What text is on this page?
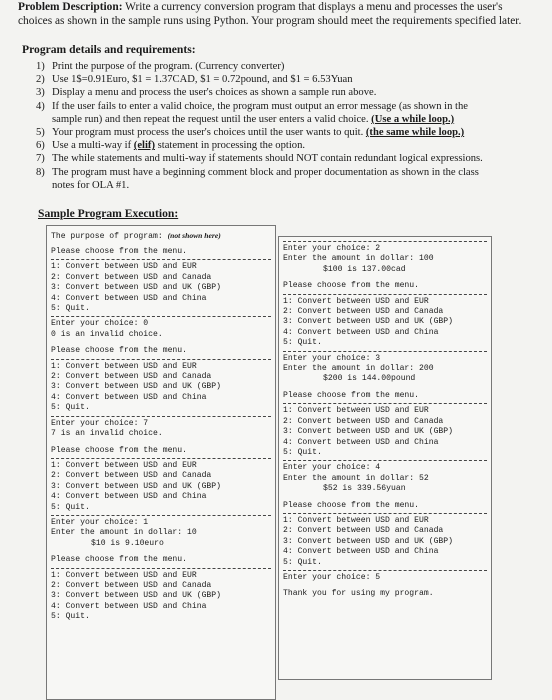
Problem Description: Write a currency conversion program that displays a menu and processes the user's
choices as shown in the sample runs using Python. Your program should meet the requirements specified later.
Program details and requirements:
1) Print the purpose of the program. (Currency converter)
2) Use 1$=0.91Euro, $1 = 1.37CAD, $1 = 0.72pound, and $1 = 6.53Yuan
3) Display a menu and process the user's choices as shown a sample run above.
4) If the user fails to enter a valid choice, the program must output an error message (as shown in the
sample run) and then repeat the request until the user enters a valid choice. (Use a while loop.)
5) Your program must process the user's choices until the user wants to quit. (the same while loop.)
6) Use a multi-way if (elif) statement in processing the option.
7) The while statements and multi-way if statements should NOT contain redundant logical expressions.
8) The program must have a beginning comment block and proper documentation as shown in the class
notes for OLA #1.
Sample Program Execution:
The purpose of program: (not shown here)
Please choose from the menu.
1: Convert between USD and EUR
2: Convert between USD and Canada
3: Convert between USD and UK (GBP)
4: Convert between USD and China
5: Quit.
Enter your choice: 0
0 is an invalid choice.
Please choose from the menu.
1: Convert between USD and EUR
2: Convert between USD and Canada
3: Convert between USD and UK (GBP)
4: Convert between USD and China
5: Quit.
Enter your choice: 7
7 is an invalid choice.
Please choose from the menu.
1: Convert between USD and EUR
2: Convert between USD and Canada
3: Convert between USD and UK (GBP)
4: Convert between USD and China
5: Quit.
Enter your choice: 1
Enter the amount in dollar: 10
$10 is 9.10euro
Please choose from the menu.
1: Convert between USD and EUR
2: Convert between USD and Canada
3: Convert between USD and UK (GBP)
4: Convert between USD and China
5: Quit.
Enter your choice: 2
Enter the amount in dollar: 100
$100 is 137.00cad
Please choose from the menu.
1: Convert between USD and EUR
2: Convert between USD and Canada
3: Convert between USD and UK (GBP)
4: Convert between USD and China
5: Quit.
Enter your choice: 3
Enter the amount in dollar: 200
$200 is 144.00pound
Please choose from the menu.
1: Convert between USD and EUR
2: Convert between USD and Canada
3: Convert between USD and UK (GBP)
4: Convert between USD and China
5: Quit.
Enter your choice: 4
Enter the amount in dollar: 52
$52 is 339.56yuan
Please choose from the menu.
1: Convert between USD and EUR
2: Convert between USD and Canada
3: Convert between USD and UK (GBP)
4: Convert between USD and China
5: Quit.
Enter your choice: 5
Thank you for using my program.
